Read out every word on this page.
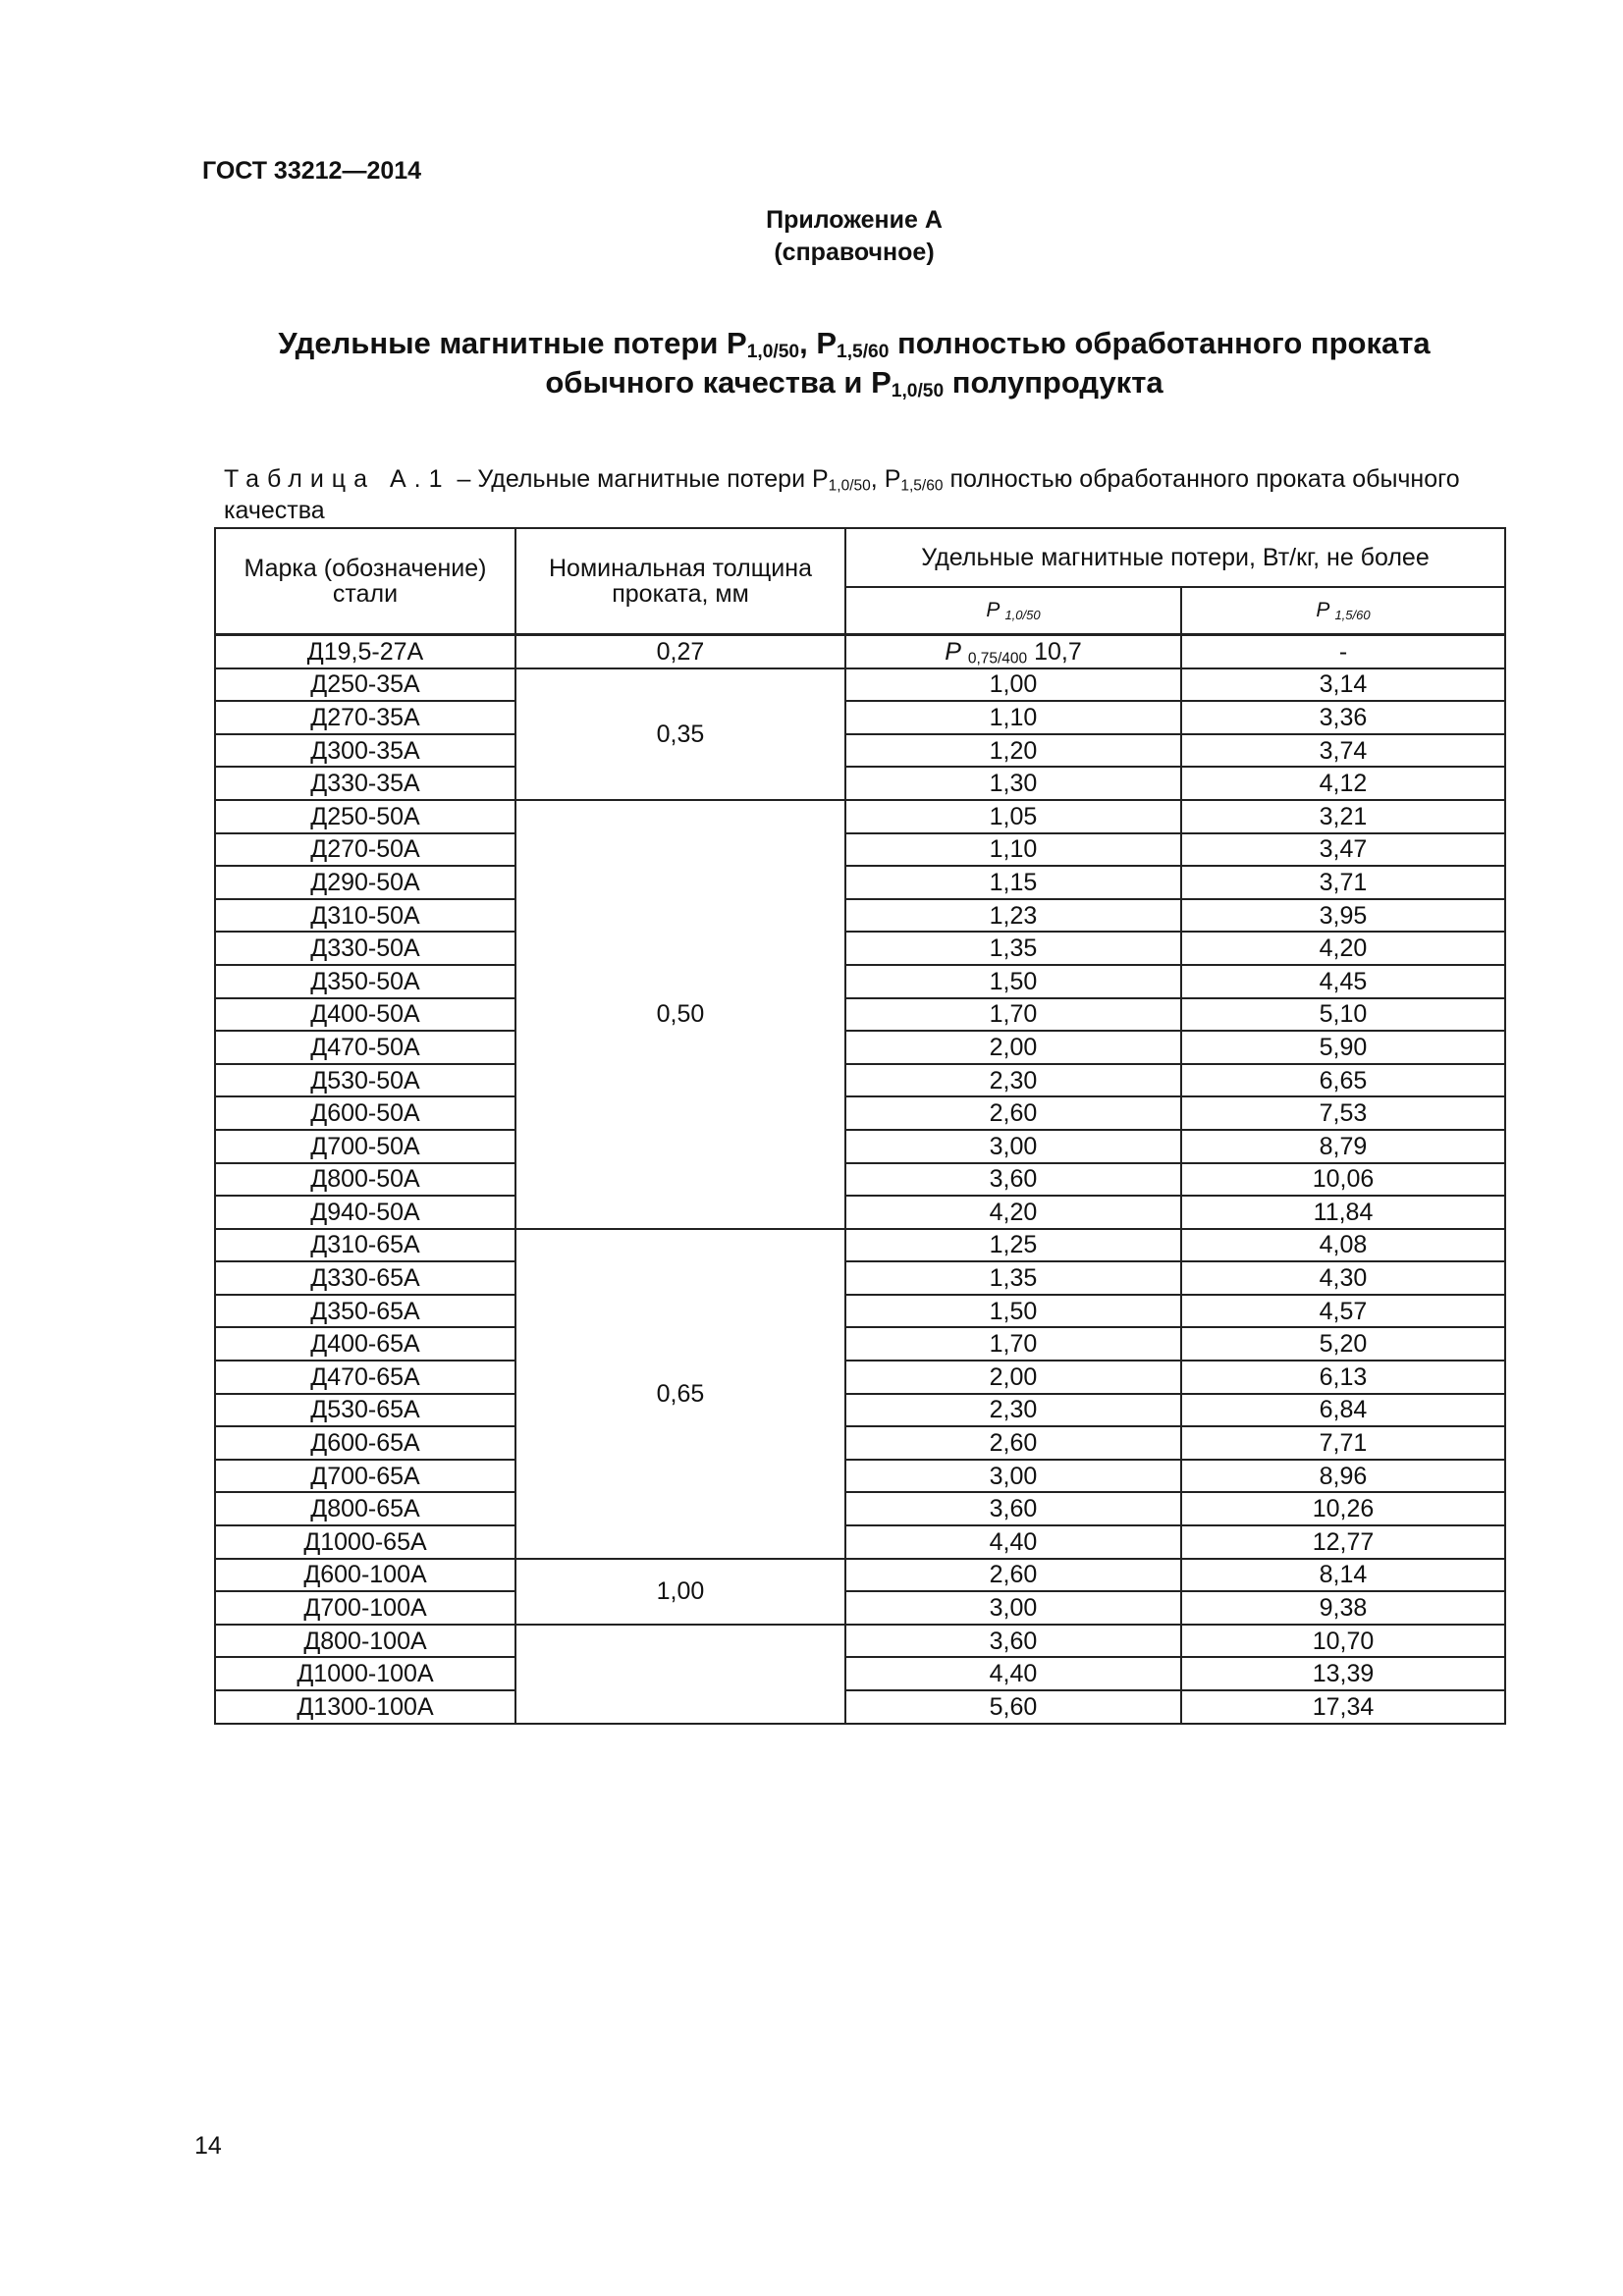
ГОСТ 33212—2014
Приложение А
(справочное)
Удельные магнитные потери $P_{1,0/50}$, $P_{1,5/60}$ полностью обработанного проката
обычного качества и $P_{1,0/50}$ полупродукта
Таблица А.1 – Удельные магнитные потери $P_{1,0/50}$, $P_{1,5/60}$ полностью обработанного проката обычного качества
Марка (обозначение) стали	Номинальная толщина проката, мм	Удельные магнитные потери, Вт/кг, не более	
		P $_{1,0/50}$	P $_{1,5/60}$
Д19,5-27А	0,27	P $_{0,75/400}$ 10,7	-
Д250-35А	0,35	1,00	3,14
Д270-35А		1,10	3,36
Д300-35А		1,20	3,74
Д330-35А		1,30	4,12
Д250-50А	0,50	1,05	3,21
Д270-50А		1,10	3,47
Д290-50А		1,15	3,71
Д310-50А		1,23	3,95
Д330-50А		1,35	4,20
Д350-50А		1,50	4,45
Д400-50А		1,70	5,10
Д470-50А		2,00	5,90
Д530-50А		2,30	6,65
Д600-50А		2,60	7,53
Д700-50А		3,00	8,79
Д800-50А		3,60	10,06
Д940-50А		4,20	11,84
Д310-65А	0,65	1,25	4,08
Д330-65А		1,35	4,30
Д350-65А		1,50	4,57
Д400-65А		1,70	5,20
Д470-65А		2,00	6,13
Д530-65А		2,30	6,84
Д600-65А		2,60	7,71
Д700-65А		3,00	8,96
Д800-65А		3,60	10,26
Д1000-65А		4,40	12,77
Д600-100А	1,00	2,60	8,14
Д700-100А		3,00	9,38
Д800-100А		3,60	10,70
Д1000-100А		4,40	13,39
Д1300-100А		5,60	17,34
14
